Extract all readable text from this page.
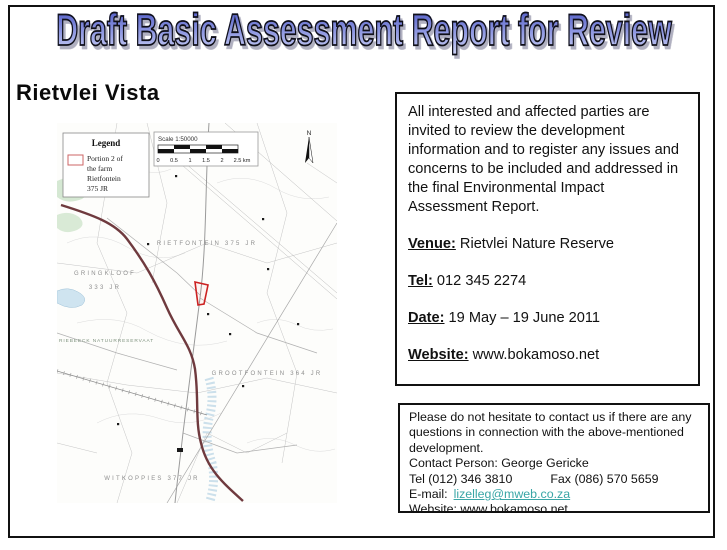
Draft Basic Assessment Report for Review
Rietvlei Vista
RIETFONTEIN 375 JR
GRINGKLOOF
333 JR
RIEBEECK NATUURRESERVAAT
GROOTFONTEIN 364 JR
WITKOPPIES 377 JR
Legend
Portion 2 of
the farm
Rietfontein
375 JR
Scale 1:50000
0 0.5 1 1.5 2 2.5 km
N
All interested and affected parties are invited to review the development information and to register any issues and concerns to be included and addressed in the final Environmental Impact Assessment Report.
Venue: Rietvlei Nature Reserve
Tel: 012 345 2274
Date: 19 May – 19 June 2011
Website: www.bokamoso.net
Please do not hesitate to contact us if there are any questions in connection with the above-mentioned development.
Contact Person: George Gericke
Tel (012) 346 3810	Fax (086) 570 5659
E-mail: lizelleg@mweb.co.za
Website: www.bokamoso.net
